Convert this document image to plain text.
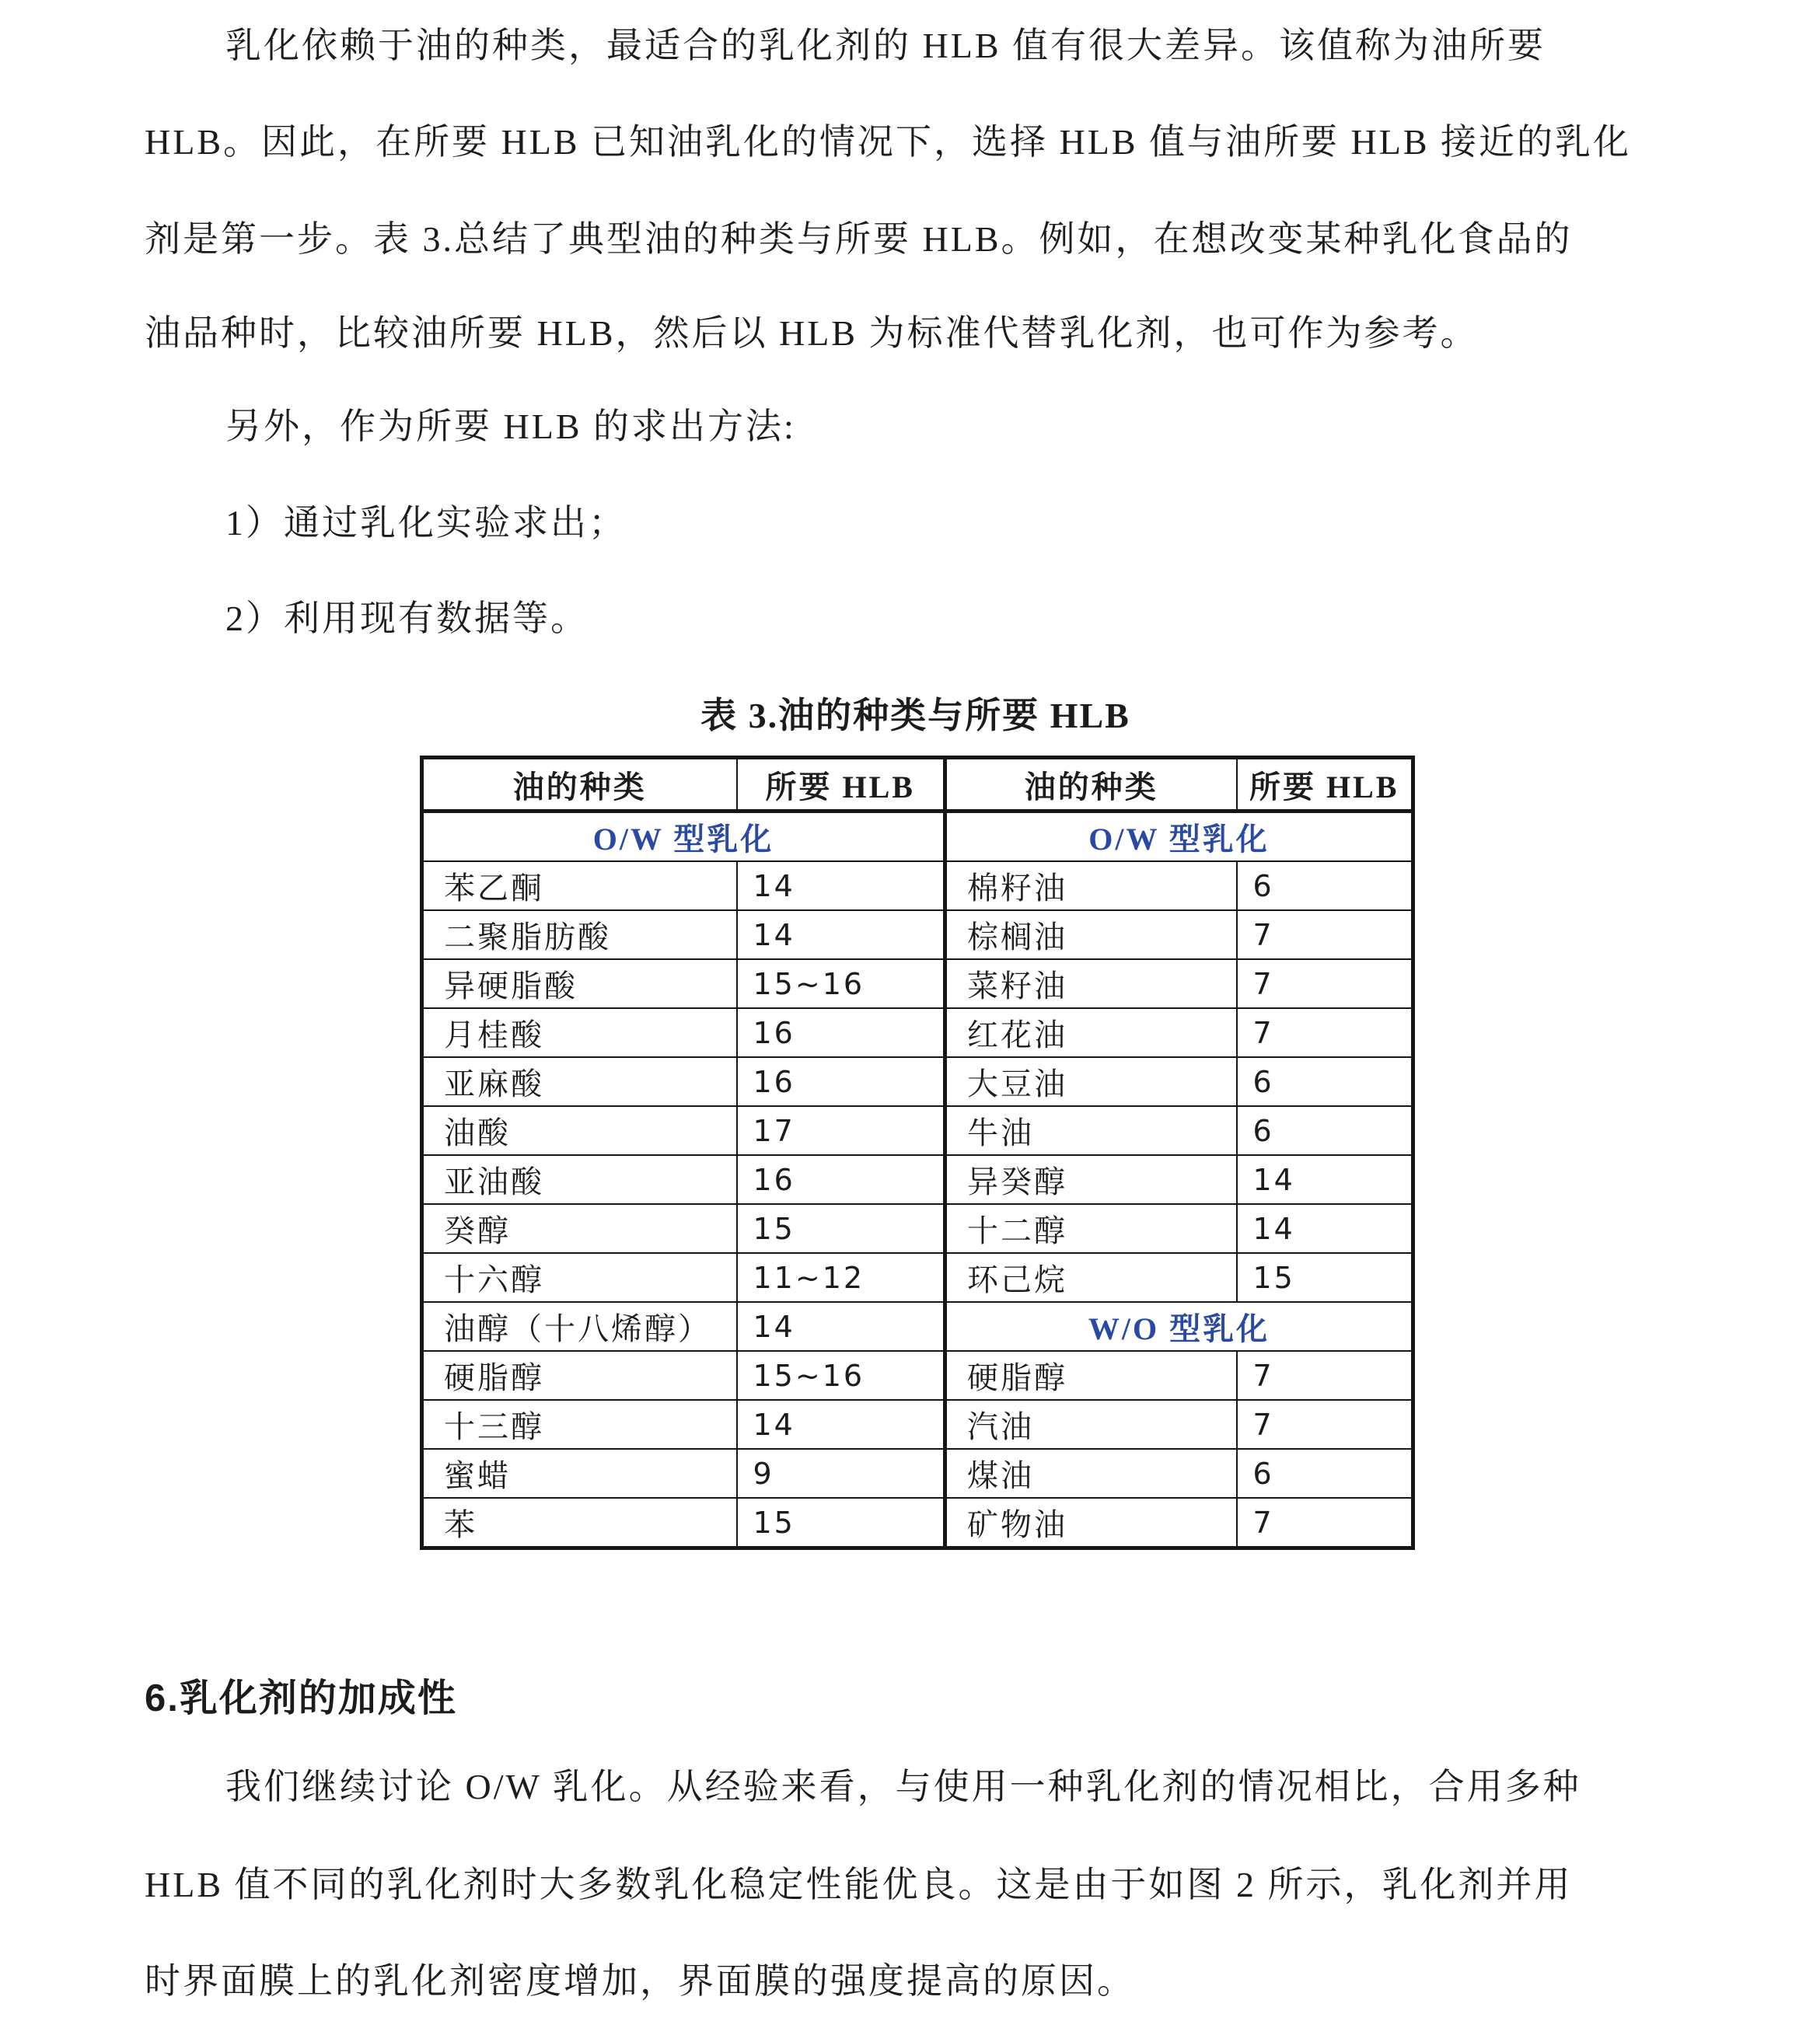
乳化依赖于油的种类，最适合的乳化剂的 HLB 值有很大差异。该值称为油所要
HLB。因此，在所要 HLB 已知油乳化的情况下，选择 HLB 值与油所要 HLB 接近的乳化
剂是第一步。表 3.总结了典型油的种类与所要 HLB。例如，在想改变某种乳化食品的
油品种时，比较油所要 HLB，然后以 HLB 为标准代替乳化剂，也可作为参考。
另外，作为所要 HLB 的求出方法:
1）通过乳化实验求出；
2）利用现有数据等。
表 3.油的种类与所要 HLB
油的种类	所要 HLB	油的种类	所要 HLB
O/W 型乳化		O/W 型乳化	
苯乙酮	14	棉籽油	6
二聚脂肪酸	14	棕榈油	7
异硬脂酸	15~16	菜籽油	7
月桂酸	16	红花油	7
亚麻酸	16	大豆油	6
油酸	17	牛油	6
亚油酸	16	异癸醇	14
癸醇	15	十二醇	14
十六醇	11~12	环己烷	15
油醇（十八烯醇）	14	W/O 型乳化	
硬脂醇	15~16	硬脂醇	7
十三醇	14	汽油	7
蜜蜡	9	煤油	6
苯	15	矿物油	7
6.乳化剂的加成性
我们继续讨论 O/W 乳化。从经验来看，与使用一种乳化剂的情况相比，合用多种
HLB 值不同的乳化剂时大多数乳化稳定性能优良。这是由于如图 2 所示，乳化剂并用
时界面膜上的乳化剂密度增加，界面膜的强度提高的原因。
